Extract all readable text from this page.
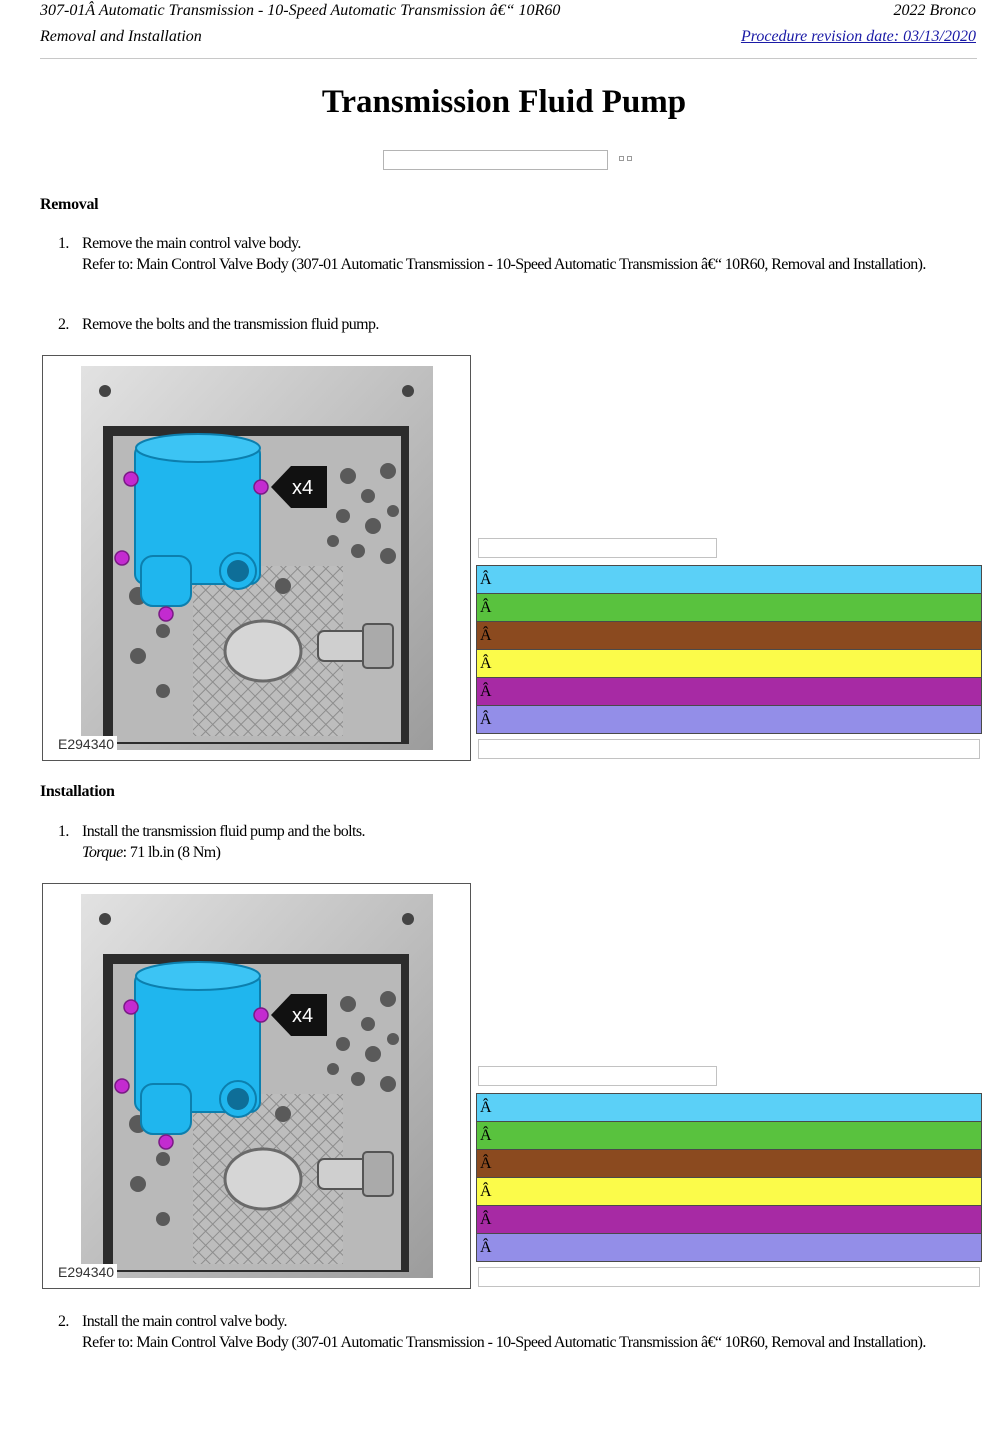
307-01Â Automatic Transmission - 10-Speed Automatic Transmission â€“ 10R60
Removal and Installation
2022 Bronco
Procedure revision date: 03/13/2020
Transmission Fluid Pump
Removal
1. Remove the main control valve body.
Refer to: Main Control Valve Body (307-01 Automatic Transmission - 10-Speed Automatic Transmission â€“ 10R60, Removal and Installation).
2. Remove the bolts and the transmission fluid pump.
x4
E294340
Â
Â
Â
Â
Â
Â
Installation
1. Install the transmission fluid pump and the bolts.
Torque: 71 lb.in (8 Nm)
x4
E294340
Â
Â
Â
Â
Â
Â
2. Install the main control valve body.
Refer to: Main Control Valve Body (307-01 Automatic Transmission - 10-Speed Automatic Transmission â€“ 10R60, Removal and Installation).
